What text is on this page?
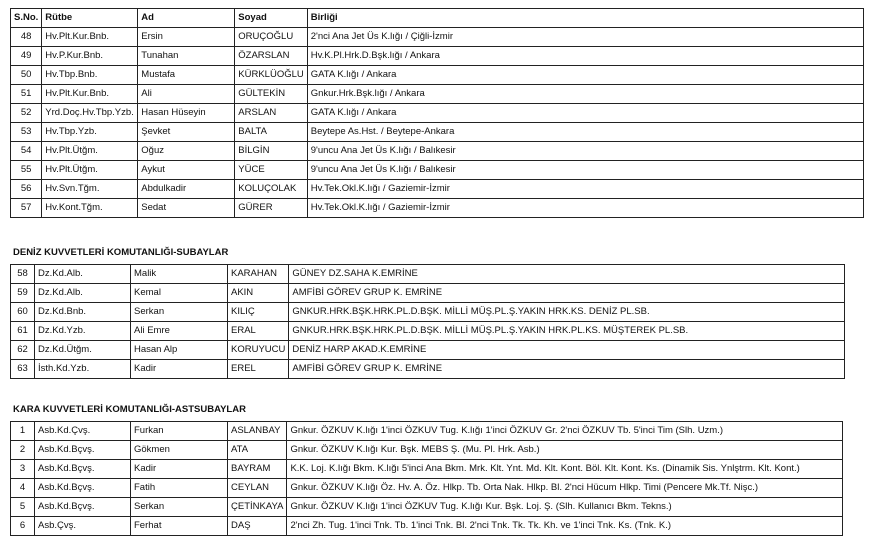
S.No.	Rütbe	Ad	Soyad	Birliği
48	Hv.Plt.Kur.Bnb.	Ersin	ORUÇOĞLU	2'nci Ana Jet Üs K.lığı / Çiğli-İzmir
49	Hv.P.Kur.Bnb.	Tunahan	ÖZARSLAN	Hv.K.Pl.Hrk.D.Bşk.lığı / Ankara
50	Hv.Tbp.Bnb.	Mustafa	KÜRKLÜOĞLU	GATA K.lığı / Ankara
51	Hv.Plt.Kur.Bnb.	Ali	GÜLTEKİN	Gnkur.Hrk.Bşk.lığı / Ankara
52	Yrd.Doç.Hv.Tbp.Yzb.	Hasan Hüseyin	ARSLAN	GATA K.lığı / Ankara
53	Hv.Tbp.Yzb.	Şevket	BALTA	Beytepe As.Hst. / Beytepe-Ankara
54	Hv.Plt.Ütğm.	Oğuz	BİLGİN	9'uncu Ana Jet Üs K.lığı / Balıkesir
55	Hv.Plt.Ütğm.	Aykut	YÜCE	9'uncu Ana Jet Üs K.lığı / Balıkesir
56	Hv.Svn.Tğm.	Abdulkadir	KOLUÇOLAK	Hv.Tek.Okl.K.lığı / Gaziemir-İzmir
57	Hv.Kont.Tğm.	Sedat	GÜRER	Hv.Tek.Okl.K.lığı / Gaziemir-İzmir
DENİZ KUVVETLERİ KOMUTANLIĞI-SUBAYLAR
58	Dz.Kd.Alb.	Malik	KARAHAN	GÜNEY DZ.SAHA K.EMRİNE
59	Dz.Kd.Alb.	Kemal	AKIN	AMFİBİ GÖREV GRUP K. EMRİNE
60	Dz.Kd.Bnb.	Serkan	KILIÇ	GNKUR.HRK.BŞK.HRK.PL.D.BŞK. MİLLİ MÜŞ.PL.Ş.YAKIN HRK.KS. DENİZ PL.SB.
61	Dz.Kd.Yzb.	Ali Emre	ERAL	GNKUR.HRK.BŞK.HRK.PL.D.BŞK. MİLLİ MÜŞ.PL.Ş.YAKIN HRK.PL.KS. MÜŞTEREK PL.SB.
62	Dz.Kd.Ütğm.	Hasan Alp	KORUYUCU	DENİZ HARP AKAD.K.EMRİNE
63	İsth.Kd.Yzb.	Kadir	EREL	AMFİBİ GÖREV GRUP K. EMRİNE
KARA KUVVETLERİ KOMUTANLIĞI-ASTSUBAYLAR
1	Asb.Kd.Çvş.	Furkan	ASLANBAY	Gnkur. ÖZKUV K.lığı 1'inci ÖZKUV Tug. K.lığı 1'inci ÖZKUV Gr. 2'nci ÖZKUV Tb. 5'inci Tim (Slh. Uzm.)
2	Asb.Kd.Bçvş.	Gökmen	ATA	Gnkur. ÖZKUV K.lığı Kur. Bşk. MEBS Ş. (Mu. Pl. Hrk. Asb.)
3	Asb.Kd.Bçvş.	Kadir	BAYRAM	K.K. Loj. K.lığı Bkm. K.lığı 5'inci Ana Bkm. Mrk. Klt. Ynt. Md. Klt. Kont. Böl. Klt. Kont. Ks. (Dinamik Sis. Ynlştrm. Klt. Kont.)
4	Asb.Kd.Bçvş.	Fatih	CEYLAN	Gnkur. ÖZKUV K.lığı Öz. Hv. A. Öz. Hlkp. Tb. Orta Nak. Hlkp. Bl. 2'nci Hücum Hlkp. Timi (Pencere Mk.Tf. Nişc.)
5	Asb.Kd.Bçvş.	Serkan	ÇETİNKAYA	Gnkur. ÖZKUV K.lığı 1'inci ÖZKUV Tug. K.lığı Kur. Bşk. Loj. Ş. (Slh. Kullanıcı Bkm. Tekns.)
6	Asb.Çvş.	Ferhat	DAŞ	2'nci Zh. Tug. 1'inci Tnk. Tb. 1'inci Tnk. Bl. 2'nci Tnk. Tk. Tk. Kh. ve 1'inci Tnk. Ks. (Tnk. K.)
